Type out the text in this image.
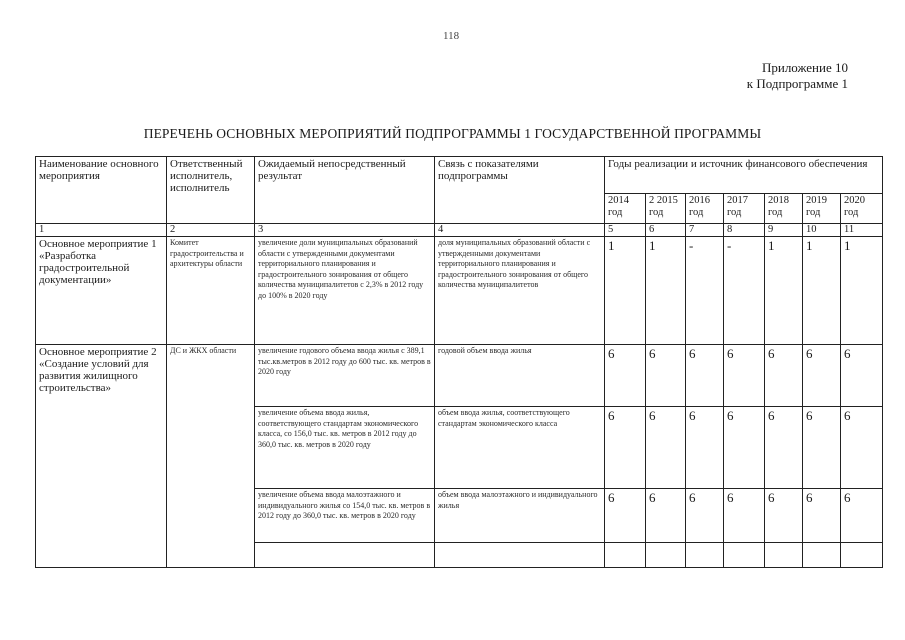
118
Приложение 10
к Подпрограмме 1
ПЕРЕЧЕНЬ ОСНОВНЫХ МЕРОПРИЯТИЙ ПОДПРОГРАММЫ 1 ГОСУДАРСТВЕННОЙ ПРОГРАММЫ
Наименование основного мероприятия	Ответственный исполнитель, исполнитель	Ожидаемый непосредственный результат	Связь с показателями подпрограммы	Годы реализации и источник финансового обеспечения						
				2014 год	2 2015 год	2016 год	2017 год	2018 год	2019 год	2020 год
1	2	3	4	5	6	7	8	9	10	11
Основное мероприятие 1 «Разработка градостроительной документации»	Комитет градостроительства и архитектуры области	увеличение доли муниципальных образований области с утвержденными документами территориального планирования и градостроительного зонирования от общего количества муниципалитетов с 2,3% в 2012 году до 100% в 2020 году	доля муниципальных образований области с утвержденными документами территориального планирования и градостроительного зонирования от общего количества муниципалитетов	1	1	-	-	1	1	1
Основное мероприятие 2 «Создание условий для развития жилищного строительства»	ДС и ЖКХ области	увеличение годового объема ввода жилья с 389,1 тыс.кв.метров в 2012 году до 600 тыс. кв. метров в 2020 году	годовой объем ввода жилья	6	6	6	6	6	6	6
		увеличение объема ввода жилья, соответствующего стандартам экономического класса, со 156,0 тыс. кв. метров в 2012 году до 360,0 тыс. кв. метров в 2020 году	объем ввода жилья, соответствующего стандартам экономического класса	6	6	6	6	6	6	6
		увеличение объема ввода малоэтажного и индивидуального жилья со 154,0 тыс. кв. метров в 2012 году до 360,0 тыс. кв. метров в 2020 году	объем ввода малоэтажного и индивидуального жилья	6	6	6	6	6	6	6
